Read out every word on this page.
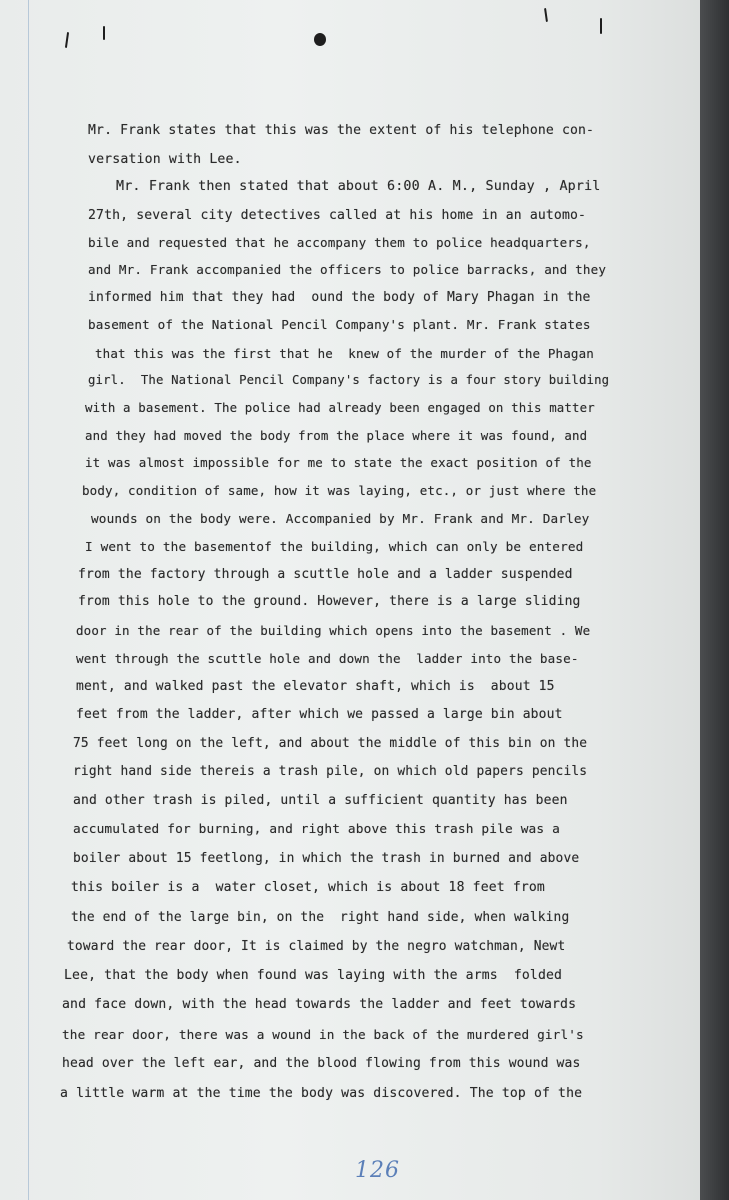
Mr. Frank states that this was the extent of his telephone con-

versation with Lee.

Mr. Frank then stated that about 6:00 A. M., Sunday , April

27th, several city detectives called at his home in an automo-

bile and requested that he accompany them to police headquarters,

and Mr. Frank accompanied the officers to police barracks, and they

informed him that they had  ound the body of Mary Phagan in the

basement of the National Pencil Company's plant. Mr. Frank states

that this was the first that he  knew of the murder of the Phagan

girl.  The National Pencil Company's factory is a four story building

with a basement. The police had already been engaged on this matter

and they had moved the body from the place where it was found, and

it was almost impossible for me to state the exact position of the

body, condition of same, how it was laying, etc., or just where the

wounds on the body were. Accompanied by Mr. Frank and Mr. Darley

I went to the basementof the building, which can only be entered

from the factory through a scuttle hole and a ladder suspended

from this hole to the ground. However, there is a large sliding

door in the rear of the building which opens into the basement . We

went through the scuttle hole and down the  ladder into the base-

ment, and walked past the elevator shaft, which is  about 15

feet from the ladder, after which we passed a large bin about

75 feet long on the left, and about the middle of this bin on the

right hand side thereis a trash pile, on which old papers pencils

and other trash is piled, until a sufficient quantity has been

accumulated for burning, and right above this trash pile was a

boiler about 15 feetlong, in which the trash in burned and above

this boiler is a  water closet, which is about 18 feet from

the end of the large bin, on the  right hand side, when walking

toward the rear door, It is claimed by the negro watchman, Newt

Lee, that the body when found was laying with the arms  folded

and face down, with the head towards the ladder and feet towards

the rear door, there was a wound in the back of the murdered girl's

head over the left ear, and the blood flowing from this wound was

a little warm at the time the body was discovered. The top of the

126
